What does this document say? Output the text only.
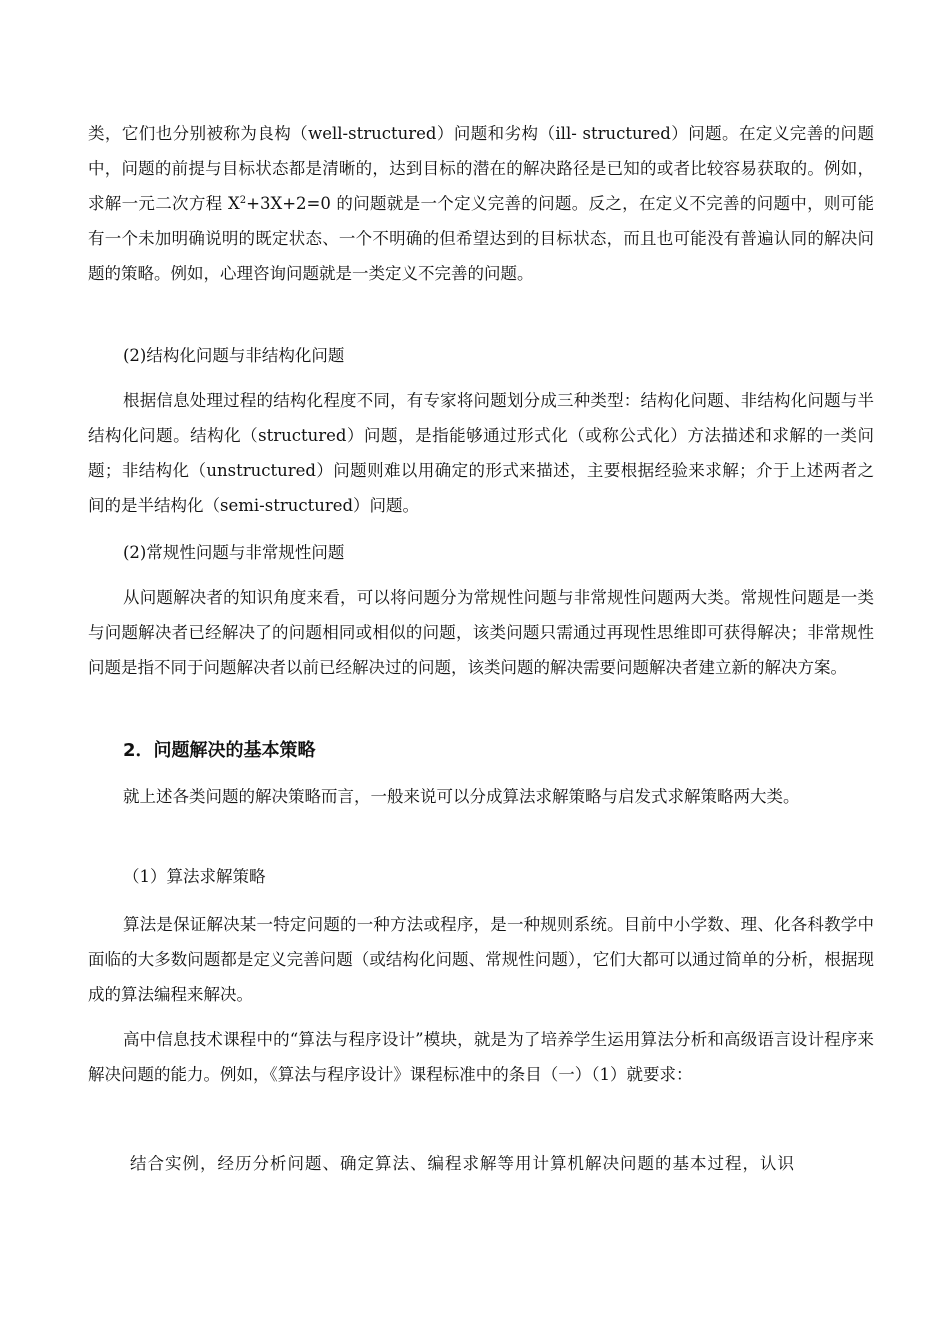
类，它们也分别被称为良构（well-structured）问题和劣构（ill- structured）问题。在定义完善的问题中，问题的前提与目标状态都是清晰的，达到目标的潜在的解决路径是已知的或者比较容易获取的。例如，求解一元二次方程 $X^2+3X+2=0$ 的问题就是一个定义完善的问题。反之，在定义不完善的问题中，则可能有一个未加明确说明的既定状态、一个不明确的但希望达到的目标状态，而且也可能没有普遍认同的解决问题的策略。例如，心理咨询问题就是一类定义不完善的问题。

(2)结构化问题与非结构化问题

根据信息处理过程的结构化程度不同，有专家将问题划分成三种类型：结构化问题、非结构化问题与半结构化问题。结构化（structured）问题，是指能够通过形式化（或称公式化）方法描述和求解的一类问题；非结构化（unstructured）问题则难以用确定的形式来描述，主要根据经验来求解；介于上述两者之间的是半结构化（semi-structured）问题。

(2)常规性问题与非常规性问题

从问题解决者的知识角度来看，可以将问题分为常规性问题与非常规性问题两大类。常规性问题是一类与问题解决者已经解决了的问题相同或相似的问题，该类问题只需通过再现性思维即可获得解决；非常规性问题是指不同于问题解决者以前已经解决过的问题，该类问题的解决需要问题解决者建立新的解决方案。

2．问题解决的基本策略

就上述各类问题的解决策略而言，一般来说可以分成算法求解策略与启发式求解策略两大类。

（1）算法求解策略

算法是保证解决某一特定问题的一种方法或程序，是一种规则系统。目前中小学数、理、化各科教学中面临的大多数问题都是定义完善问题（或结构化问题、常规性问题），它们大都可以通过简单的分析，根据现成的算法编程来解决。

高中信息技术课程中的“算法与程序设计”模块，就是为了培养学生运用算法分析和高级语言设计程序来解决问题的能力。例如，《算法与程序设计》课程标准中的条目（一）（1）就要求：

结合实例，经历分析问题、确定算法、编程求解等用计算机解决问题的基本过程，认识
